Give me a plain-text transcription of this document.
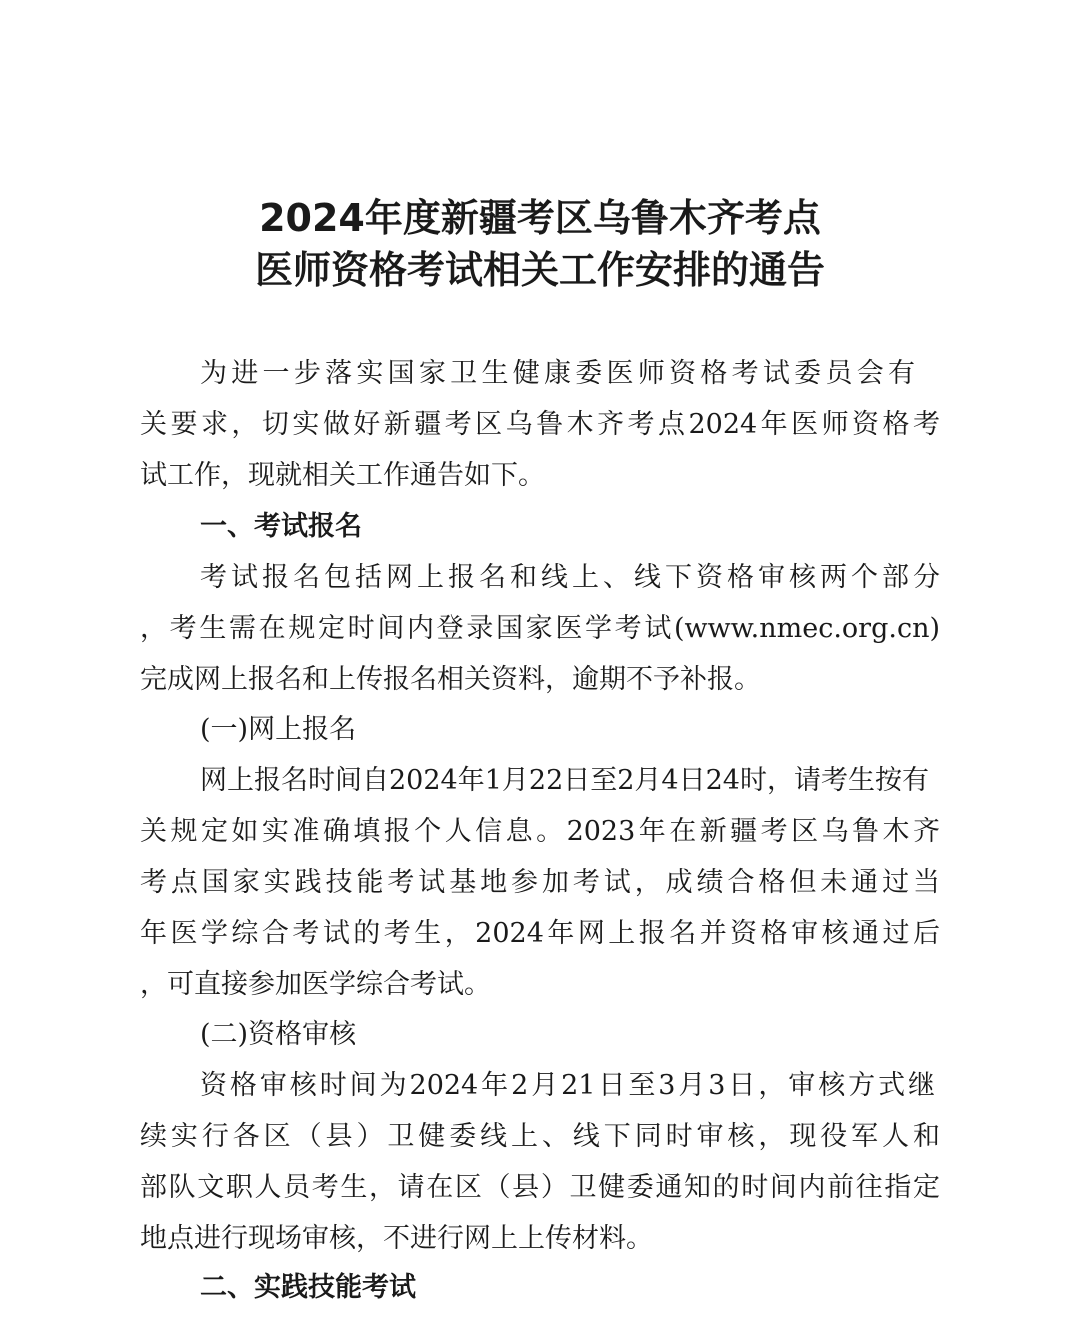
2024年度新疆考区乌鲁木齐考点
医师资格考试相关工作安排的通告
为进一步落实国家卫生健康委医师资格考试委员会有
关要求，切实做好新疆考区乌鲁木齐考点2024年医师资格考
试工作，现就相关工作通告如下。
一、考试报名
考试报名包括网上报名和线上、线下资格审核两个部分
，考生需在规定时间内登录国家医学考试(www.nmec.org.cn)
完成网上报名和上传报名相关资料，逾期不予补报。
(一)网上报名
网上报名时间自2024年1月22日至2月4日24时，请考生按有
关规定如实准确填报个人信息。2023年在新疆考区乌鲁木齐
考点国家实践技能考试基地参加考试，成绩合格但未通过当
年医学综合考试的考生，2024年网上报名并资格审核通过后
，可直接参加医学综合考试。
(二)资格审核
资格审核时间为2024年2月21日至3月3日，审核方式继
续实行各区（县）卫健委线上、线下同时审核，现役军人和
部队文职人员考生，请在区（县）卫健委通知的时间内前往指定
地点进行现场审核，不进行网上上传材料。
二、实践技能考试
